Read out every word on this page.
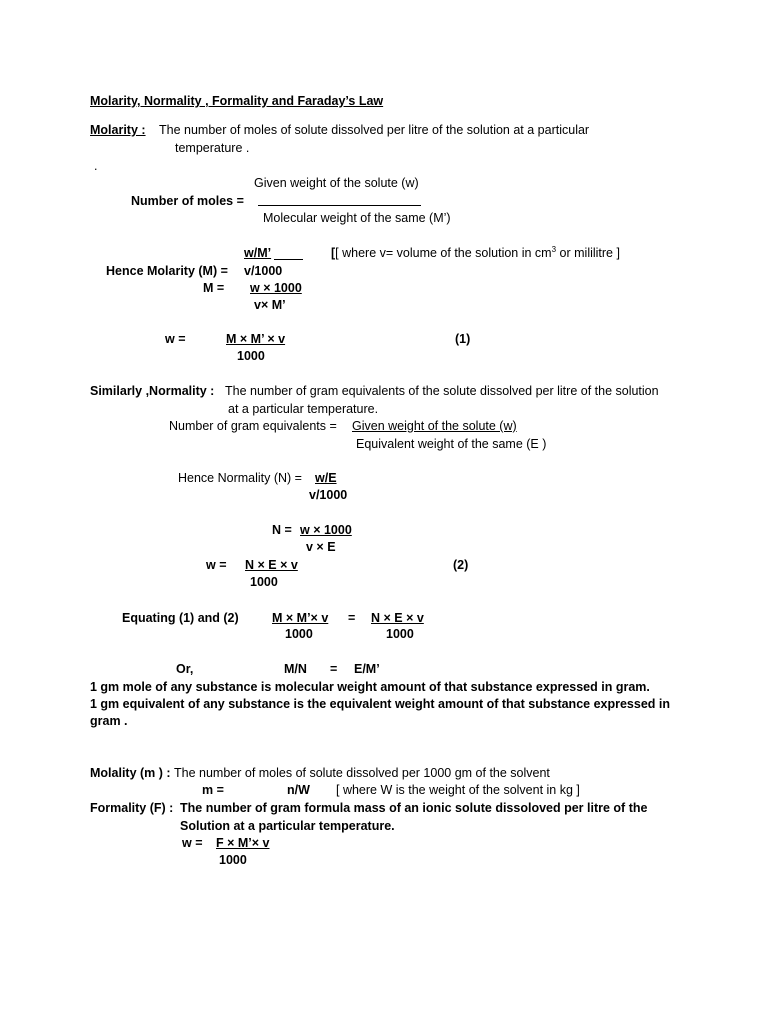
Molarity, Normality , Formality and Faraday’s Law
Molarity : The number of moles of solute dissolved per litre of the solution at a particular
temperature .
.
Given weight of the solute (w)
Number of moles =
Molecular weight of the same (M’)
w/M’	[[ where v= volume of the solution in $cm^3$ or mililitre ]
Hence Molarity (M) = v/1000
M = w × 1000
v× M’
w =	M × M’ × v	(1)
1000
Similarly ,Normality : The number of gram equivalents of the solute dissolved per litre of the solution
at a particular temperature.
Number of gram equivalents = Given weight of the solute (w)
Equivalent weight of the same (E )
Hence Normality (N) = w/E
v/1000
N = w × 1000
v × E
w = N × E × v	(2)
1000
Equating (1) and (2)	M × M’× v = N × E × v
1000	1000
Or,	M/N = E/M’
1 gm mole of any substance is molecular weight amount of that substance expressed in gram.
1 gm equivalent of any substance is the equivalent weight amount of that substance expressed in
gram .
Molality (m ) : The number of moles of solute dissolved per 1000 gm of the solvent
m =	n/W [ where W is the weight of the solvent in kg ]
Formality (F) : The number of gram formula mass of an ionic solute dissoloved per litre of the
Solution at a particular temperature.
w = F × M’× v
1000
